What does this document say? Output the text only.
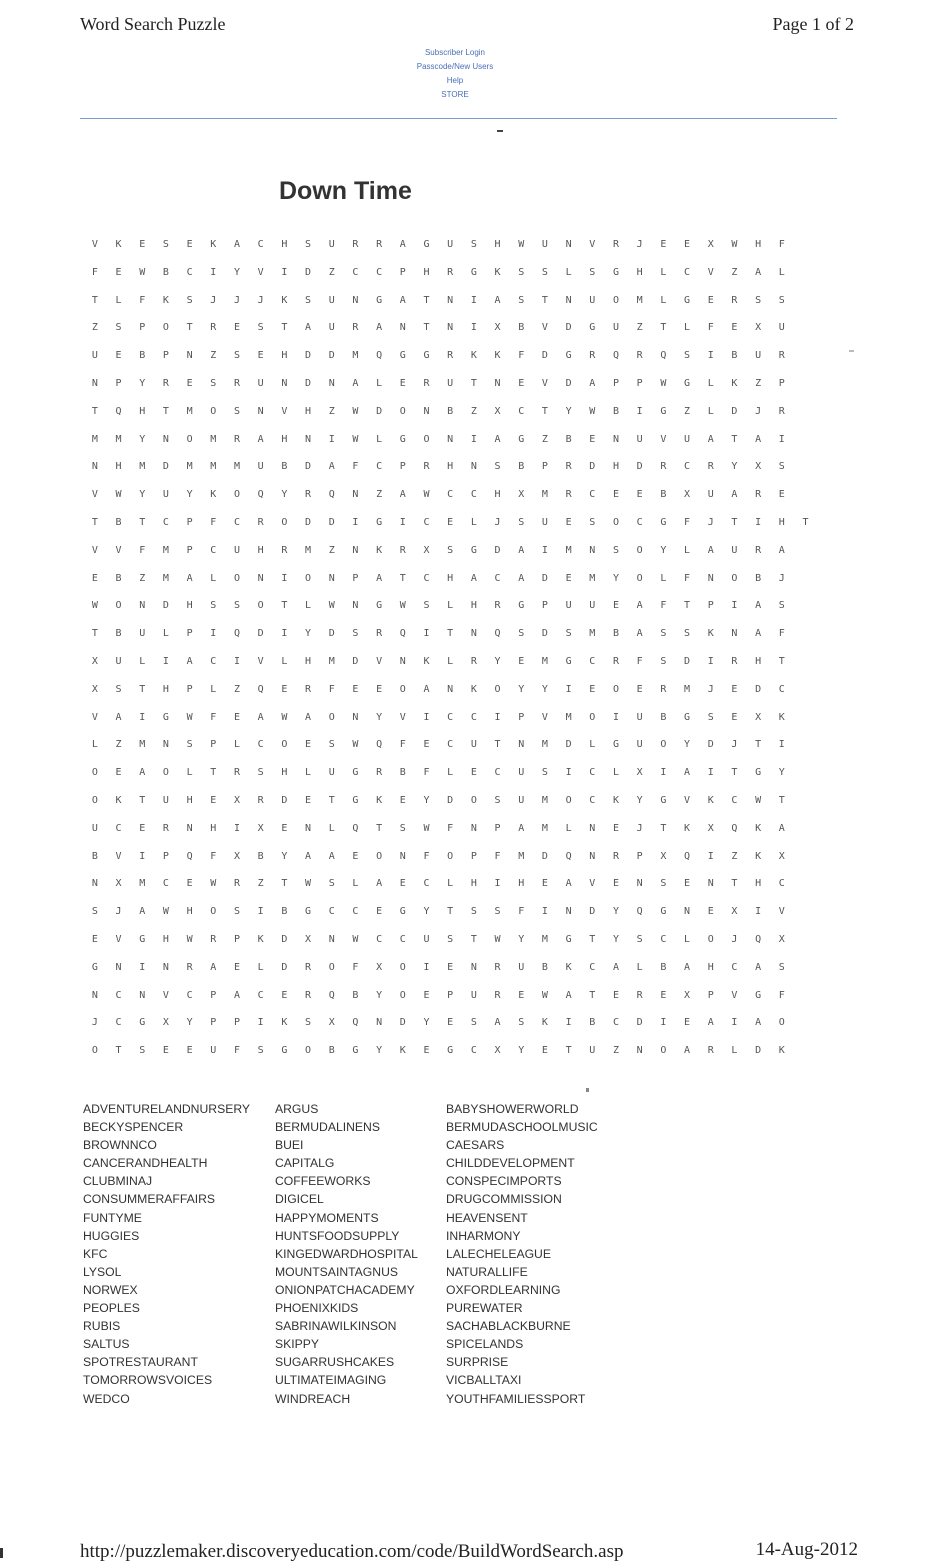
Word Search Puzzle	Page 1 of 2
Subscriber Login
Passcode/New Users
Help
STORE
Down Time
V	K	E	S	E	K	A	C	H	S	U	R	R	A	G	U	S	H	W	U	N	V	R	J	E	E	X	W	H	F
F	E	W	B	C	I	Y	V	I	D	Z	C	C	P	H	R	G	K	S	S	L	S	G	H	L	C	V	Z	A	L
T	L	F	K	S	J	J	J	K	S	U	N	G	A	T	N	I	A	S	T	N	U	O	M	L	G	E	R	S	S
Z	S	P	O	T	R	E	S	T	A	U	R	A	N	T	N	I	X	B	V	D	G	U	Z	T	L	F	E	X	U
U	E	B	P	N	Z	S	E	H	D	D	M	Q	G	G	R	K	K	F	D	G	R	Q	R	Q	S	I	B	U	R
N	P	Y	R	E	S	R	U	N	D	N	A	L	E	R	U	T	N	E	V	D	A	P	P	W	G	L	K	Z	P
T	Q	H	T	M	O	S	N	V	H	Z	W	D	O	N	B	Z	X	C	T	Y	W	B	I	G	Z	L	D	J	R
M	M	Y	N	O	M	R	A	H	N	I	W	L	G	O	N	I	A	G	Z	B	E	N	U	V	U	A	T	A	I
N	H	M	D	M	M	M	U	B	D	A	F	C	P	R	H	N	S	B	P	R	D	H	D	R	C	R	Y	X	S
V	W	Y	U	Y	K	O	Q	Y	R	Q	N	Z	A	W	C	C	H	X	M	R	C	E	E	B	X	U	A	R	E
T	B	T	C	P	F	C	R	O	D	D	I	G	I	C	E	L	J	S	U	E	S	O	C	G	F	J	T	I	H	T
V	V	F	M	P	C	U	H	R	M	Z	N	K	R	X	S	G	D	A	I	M	N	S	O	Y	L	A	U	R	A
E	B	Z	M	A	L	O	N	I	O	N	P	A	T	C	H	A	C	A	D	E	M	Y	O	L	F	N	O	B	J
W	O	N	D	H	S	S	O	T	L	W	N	G	W	S	L	H	R	G	P	U	U	E	A	F	T	P	I	A	S
T	B	U	L	P	I	Q	D	I	Y	D	S	R	Q	I	T	N	Q	S	D	S	M	B	A	S	S	K	N	A	F
X	U	L	I	A	C	I	V	L	H	M	D	V	N	K	L	R	Y	E	M	G	C	R	F	S	D	I	R	H	T
X	S	T	H	P	L	Z	Q	E	R	F	E	E	O	A	N	K	O	Y	Y	I	E	O	E	R	M	J	E	D	C
V	A	I	G	W	F	E	A	W	A	O	N	Y	V	I	C	C	I	P	V	M	O	I	U	B	G	S	E	X	K
L	Z	M	N	S	P	L	C	O	E	S	W	Q	F	E	C	U	T	N	M	D	L	G	U	O	Y	D	J	T	I
O	E	A	O	L	T	R	S	H	L	U	G	R	B	F	L	E	C	U	S	I	C	L	X	I	A	I	T	G	Y
O	K	T	U	H	E	X	R	D	E	T	G	K	E	Y	D	O	S	U	M	O	C	K	Y	G	V	K	C	W	T
U	C	E	R	N	H	I	X	E	N	L	Q	T	S	W	F	N	P	A	M	L	N	E	J	T	K	X	Q	K	A
B	V	I	P	Q	F	X	B	Y	A	A	E	O	N	F	O	P	F	M	D	Q	N	R	P	X	Q	I	Z	K	X
N	X	M	C	E	W	R	Z	T	W	S	L	A	E	C	L	H	I	H	E	A	V	E	N	S	E	N	T	H	C
S	J	A	W	H	O	S	I	B	G	C	C	E	G	Y	T	S	S	F	I	N	D	Y	Q	G	N	E	X	I	V
E	V	G	H	W	R	P	K	D	X	N	W	C	C	U	S	T	W	Y	M	G	T	Y	S	C	L	O	J	Q	X
G	N	I	N	R	A	E	L	D	R	O	F	X	O	I	E	N	R	U	B	K	C	A	L	B	A	H	C	A	S
N	C	N	V	C	P	A	C	E	R	Q	B	Y	O	E	P	U	R	E	W	A	T	E	R	E	X	P	V	G	F
J	C	G	X	Y	P	P	I	K	S	X	Q	N	D	Y	E	S	A	S	K	I	B	C	D	I	E	A	I	A	O
O	T	S	E	E	U	F	S	G	O	B	G	Y	K	E	G	C	X	Y	E	T	U	Z	N	O	A	R	L	D	K
ADVENTURELANDNURSERY
BECKYSPENCER
BROWNNCO
CANCERANDHEALTH
CLUBMINAJ
CONSUMMERAFFAIRS
FUNTYME
HUGGIES
KFC
LYSOL
NORWEX
PEOPLES
RUBIS
SALTUS
SPOTRESTAURANT
TOMORROWSVOICES
WEDCO
ARGUS
BERMUDALINENS
BUEI
CAPITALG
COFFEEWORKS
DIGICEL
HAPPYMOMENTS
HUNTSFOODSUPPLY
KINGEDWARDHOSPITAL
MOUNTSAINTAGNUS
ONIONPATCHACADEMY
PHOENIXKIDS
SABRINAWILKINSON
SKIPPY
SUGARRUSHCAKES
ULTIMATEIMAGING
WINDREACH
BABYSHOWERWORLD
BERMUDASCHOOLMUSIC
CAESARS
CHILDDEVELOPMENT
CONSPECIMPORTS
DRUGCOMMISSION
HEAVENSENT
INHARMONY
LALECHELEAGUE
NATURALLIFE
OXFORDLEARNING
PUREWATER
SACHABLACKBURNE
SPICELANDS
SURPRISE
VICBALLTAXI
YOUTHFAMILIESSPORT
http://puzzlemaker.discoveryeducation.com/code/BuildWordSearch.asp	14-Aug-2012
